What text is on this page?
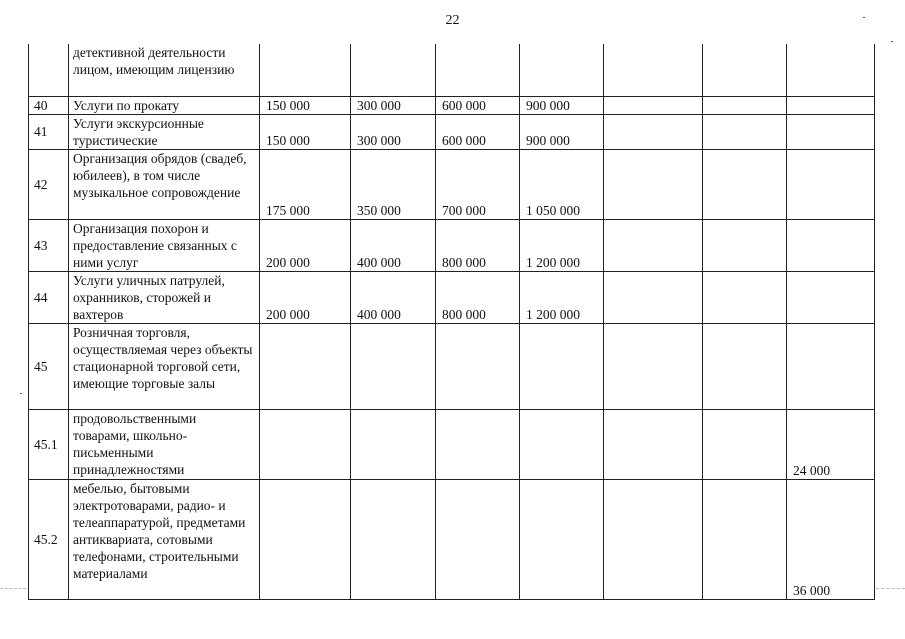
22
	детективной деятельности лицом, имеющим лицензию							
40	Услуги по прокату	150 000	300 000	600 000	900 000			
41	Услуги экскурсионные туристические	150 000	300 000	600 000	900 000			
42	Организация обрядов (свадеб, юбилеев), в том числе музыкальное сопровождение	175 000	350 000	700 000	1 050 000			
43	Организация похорон и предоставление связанных с ними услуг	200 000	400 000	800 000	1 200 000			
44	Услуги уличных патрулей, охранников, сторожей и вахтеров	200 000	400 000	800 000	1 200 000			
45	Розничная торговля, осуществляемая через объекты стационарной торговой сети, имеющие торговые залы							
45.1	продовольственными товарами, школьно-письменными принадлежностями							24 000
45.2	мебелью, бытовыми электротоварами, радио- и телеаппаратурой, предметами антиквариата, сотовыми телефонами, строительными материалами							36 000
